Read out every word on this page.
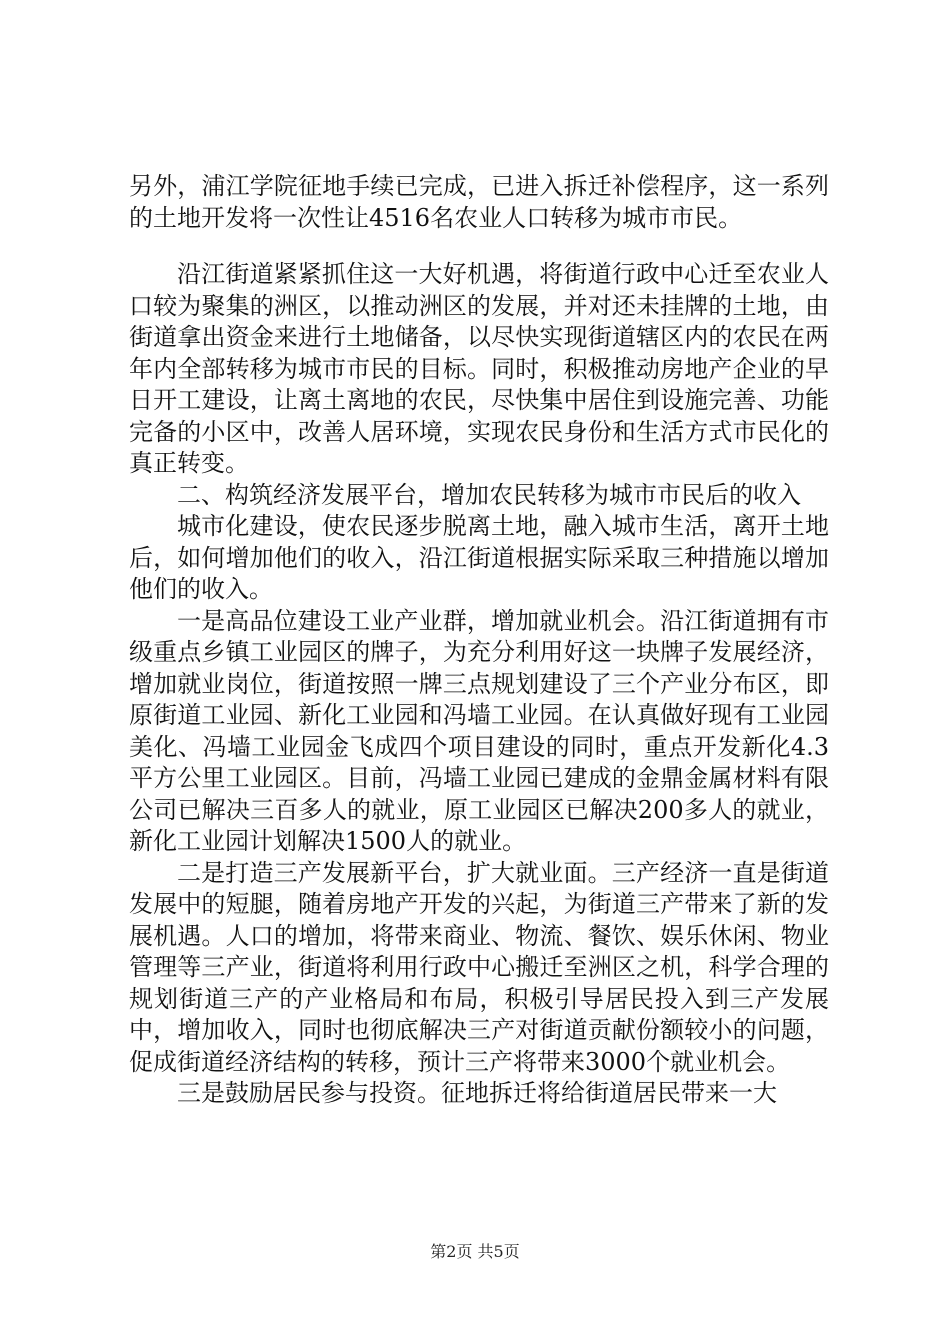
另外，浦江学院征地手续已完成，已进入拆迁补偿程序，这一系列的土地开发将一次性让4516名农业人口转移为城市市民。

沿江街道紧紧抓住这一大好机遇，将街道行政中心迁至农业人口较为聚集的洲区，以推动洲区的发展，并对还未挂牌的土地，由街道拿出资金来进行土地储备，以尽快实现街道辖区内的农民在两年内全部转移为城市市民的目标。同时，积极推动房地产企业的早日开工建设，让离土离地的农民，尽快集中居住到设施完善、功能完备的小区中，改善人居环境，实现农民身份和生活方式市民化的真正转变。

二、构筑经济发展平台，增加农民转移为城市市民后的收入

城市化建设，使农民逐步脱离土地，融入城市生活，离开土地后，如何增加他们的收入，沿江街道根据实际采取三种措施以增加他们的收入。

一是高品位建设工业产业群，增加就业机会。沿江街道拥有市级重点乡镇工业园区的牌子，为充分利用好这一块牌子发展经济，增加就业岗位，街道按照一牌三点规划建设了三个产业分布区，即原街道工业园、新化工业园和冯墙工业园。在认真做好现有工业园美化、冯墙工业园金飞成四个项目建设的同时，重点开发新化4.3平方公里工业园区。目前，冯墙工业园已建成的金鼎金属材料有限公司已解决三百多人的就业，原工业园区已解决200多人的就业，新化工业园计划解决1500人的就业。

二是打造三产发展新平台，扩大就业面。三产经济一直是街道发展中的短腿，随着房地产开发的兴起，为街道三产带来了新的发展机遇。人口的增加，将带来商业、物流、餐饮、娱乐休闲、物业管理等三产业，街道将利用行政中心搬迁至洲区之机，科学合理的规划街道三产的产业格局和布局，积极引导居民投入到三产发展中，增加收入，同时也彻底解决三产对街道贡献份额较小的问题，促成街道经济结构的转移，预计三产将带来3000个就业机会。

三是鼓励居民参与投资。征地拆迁将给街道居民带来一大

第2页 共5页
